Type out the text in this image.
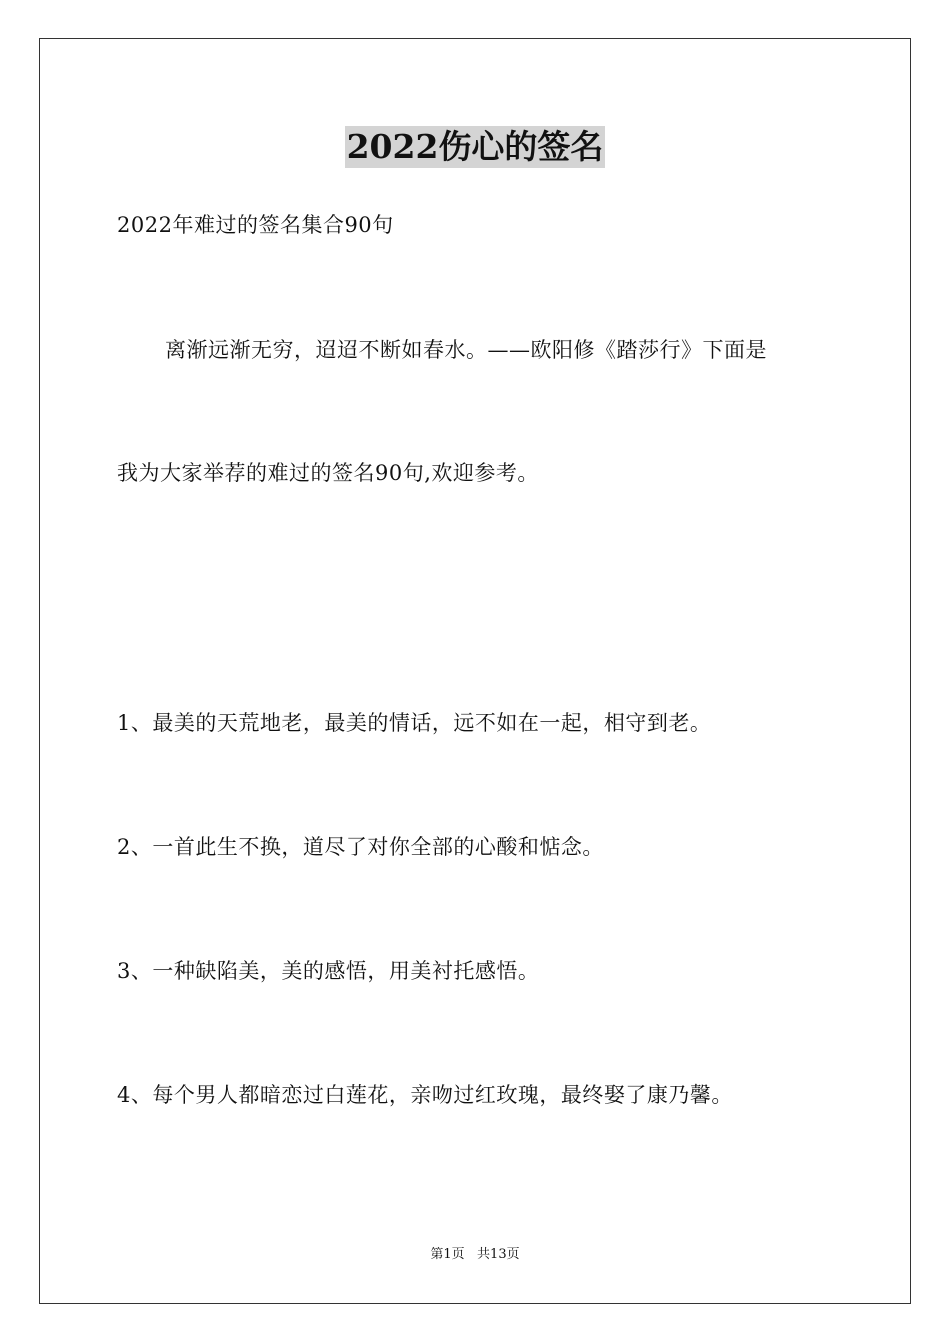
2022伤心的签名
2022年难过的签名集合90句
离渐远渐无穷，迢迢不断如春水。——欧阳修《踏莎行》下面是
我为大家举荐的难过的签名90句,欢迎参考。
1、最美的天荒地老，最美的情话，远不如在一起，相守到老。
2、一首此生不换，道尽了对你全部的心酸和惦念。
3、一种缺陷美，美的感悟，用美衬托感悟。
4、每个男人都暗恋过白莲花，亲吻过红玫瑰，最终娶了康乃馨。
第1页   共13页
